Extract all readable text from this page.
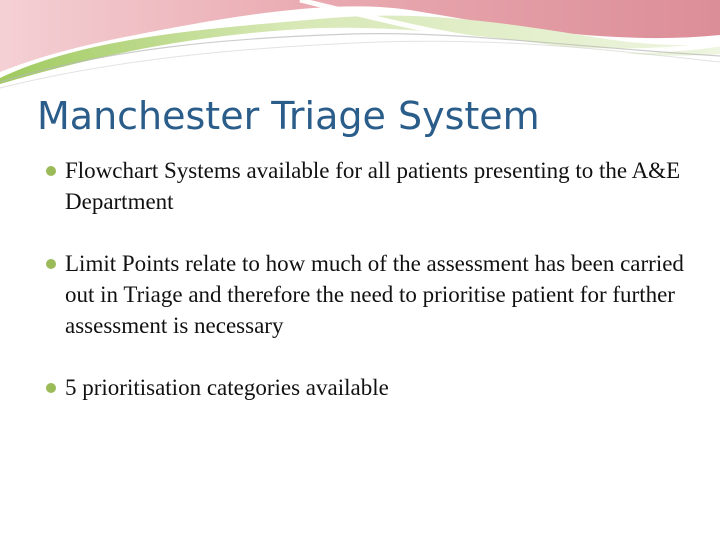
Manchester Triage System
Flowchart Systems available for all patients presenting to the A&E Department
Limit Points relate to how much of the assessment has been carried out in Triage and therefore the need to prioritise patient for further assessment is necessary
5 prioritisation categories available
